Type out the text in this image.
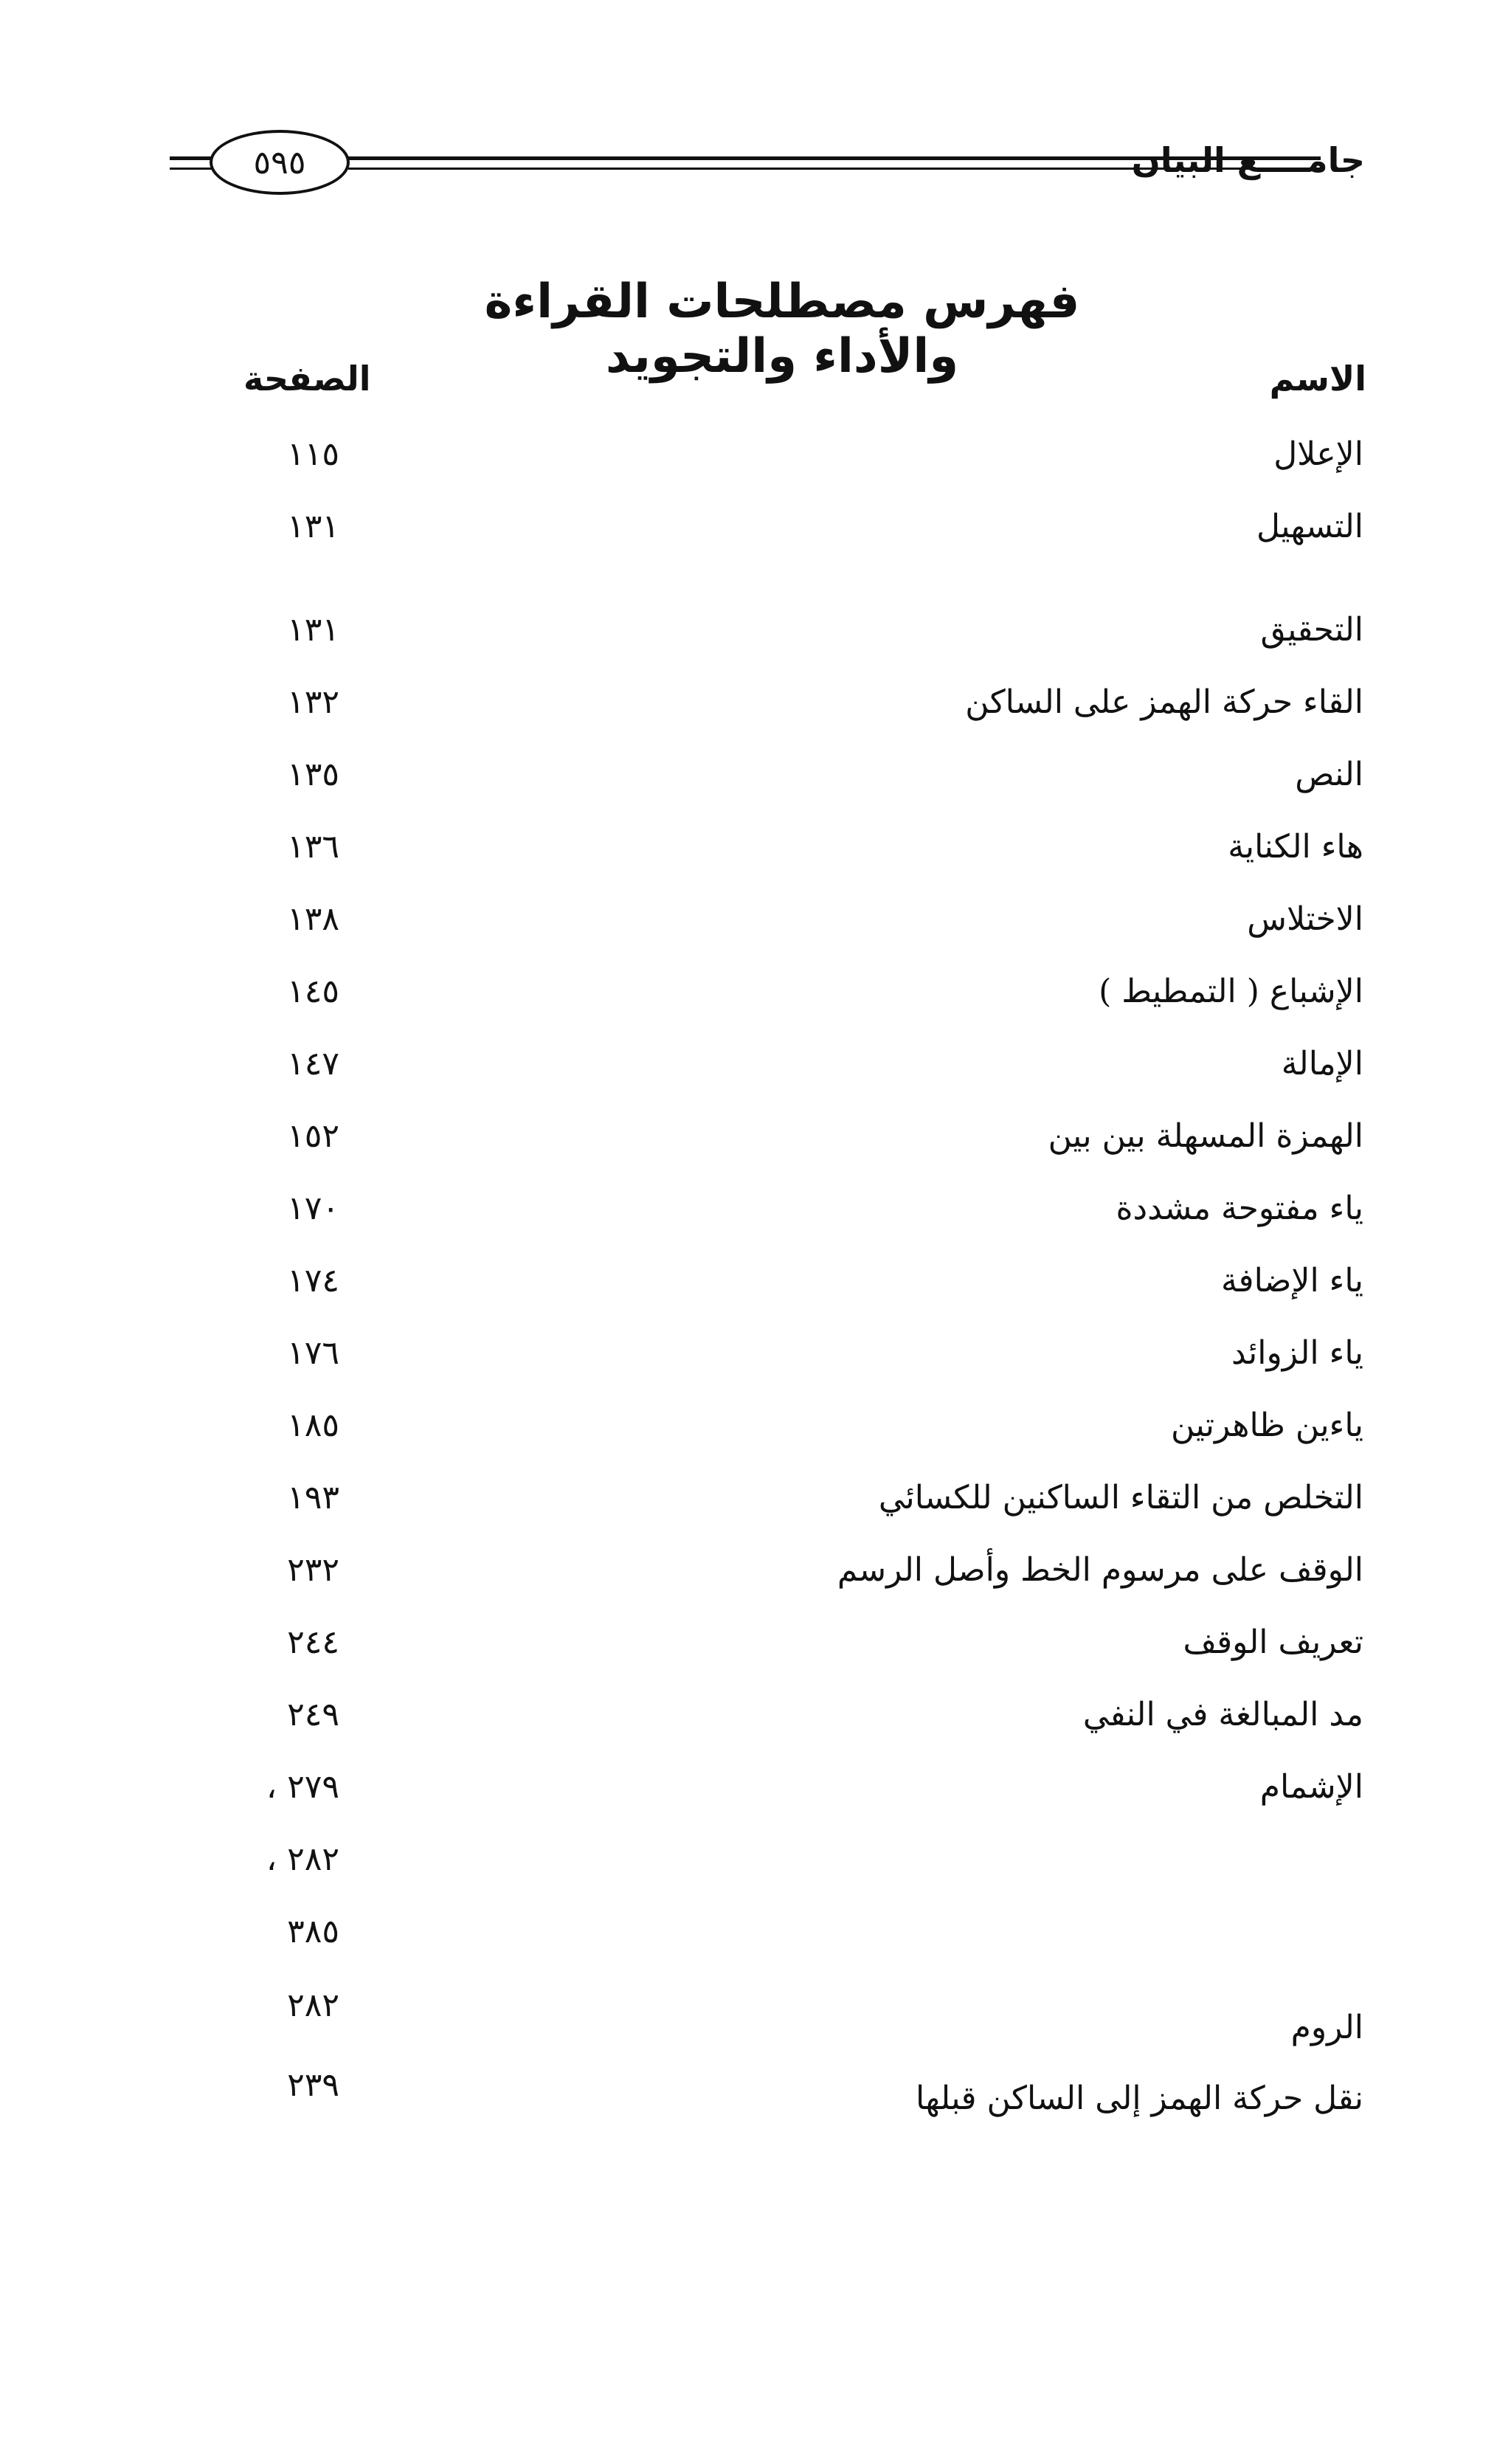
٥٩٥	جامــــع البيان
فهرس مصطلحات القراءة والأداء والتجويد	الاسم
الصفحة
الإعلال
١١٥
التسهيل
١٣١
التحقيق
١٣١
القاء حركة الهمز على الساكن
١٣٢
النص
١٣٥
هاء الكناية
١٣٦
الاختلاس
١٣٨
الإشباع ( التمطيط )
١٤٥
الإمالة
١٤٧
الهمزة المسهلة بين بين
١٥٢
ياء مفتوحة مشددة
١٧٠
ياء الإضافة
١٧٤
ياء الزوائد
١٧٦
ياءين ظاهرتين
١٨٥
التخلص من التقاء الساكنين للكسائي
١٩٣
الوقف على مرسوم الخط وأصل الرسم
٢٣٢
تعريف الوقف
٢٤٤
مد المبالغة في النفي
٢٤٩
الإشمام
٢٧٩ ،
٢٨٢ ،
٣٨٥
الروم
٢٨٢
نقل حركة الهمز إلى الساكن قبلها
٢٣٩
